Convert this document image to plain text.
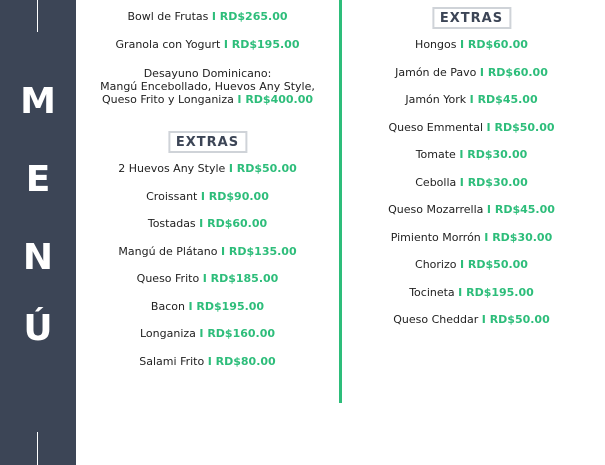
M
E
N
Ú
Bowl de Frutas I RD$265.00
Granola con Yogurt I RD$195.00
Desayuno Dominicano:
Mangú Encebollado, Huevos Any Style,
Queso Frito y Longaniza I RD$400.00
EXTRAS
2 Huevos Any Style I RD$50.00
Croissant I RD$90.00
Tostadas I RD$60.00
Mangú de Plátano I RD$135.00
Queso Frito I RD$185.00
Bacon I RD$195.00
Longaniza I RD$160.00
Salami Frito I RD$80.00
EXTRAS
Hongos I RD$60.00
Jamón de Pavo I RD$60.00
Jamón York I RD$45.00
Queso Emmental I RD$50.00
Tomate I RD$30.00
Cebolla I RD$30.00
Queso Mozarrella I RD$45.00
Pimiento Morrón I RD$30.00
Chorizo I RD$50.00
Tocineta I RD$195.00
Queso Cheddar I RD$50.00
